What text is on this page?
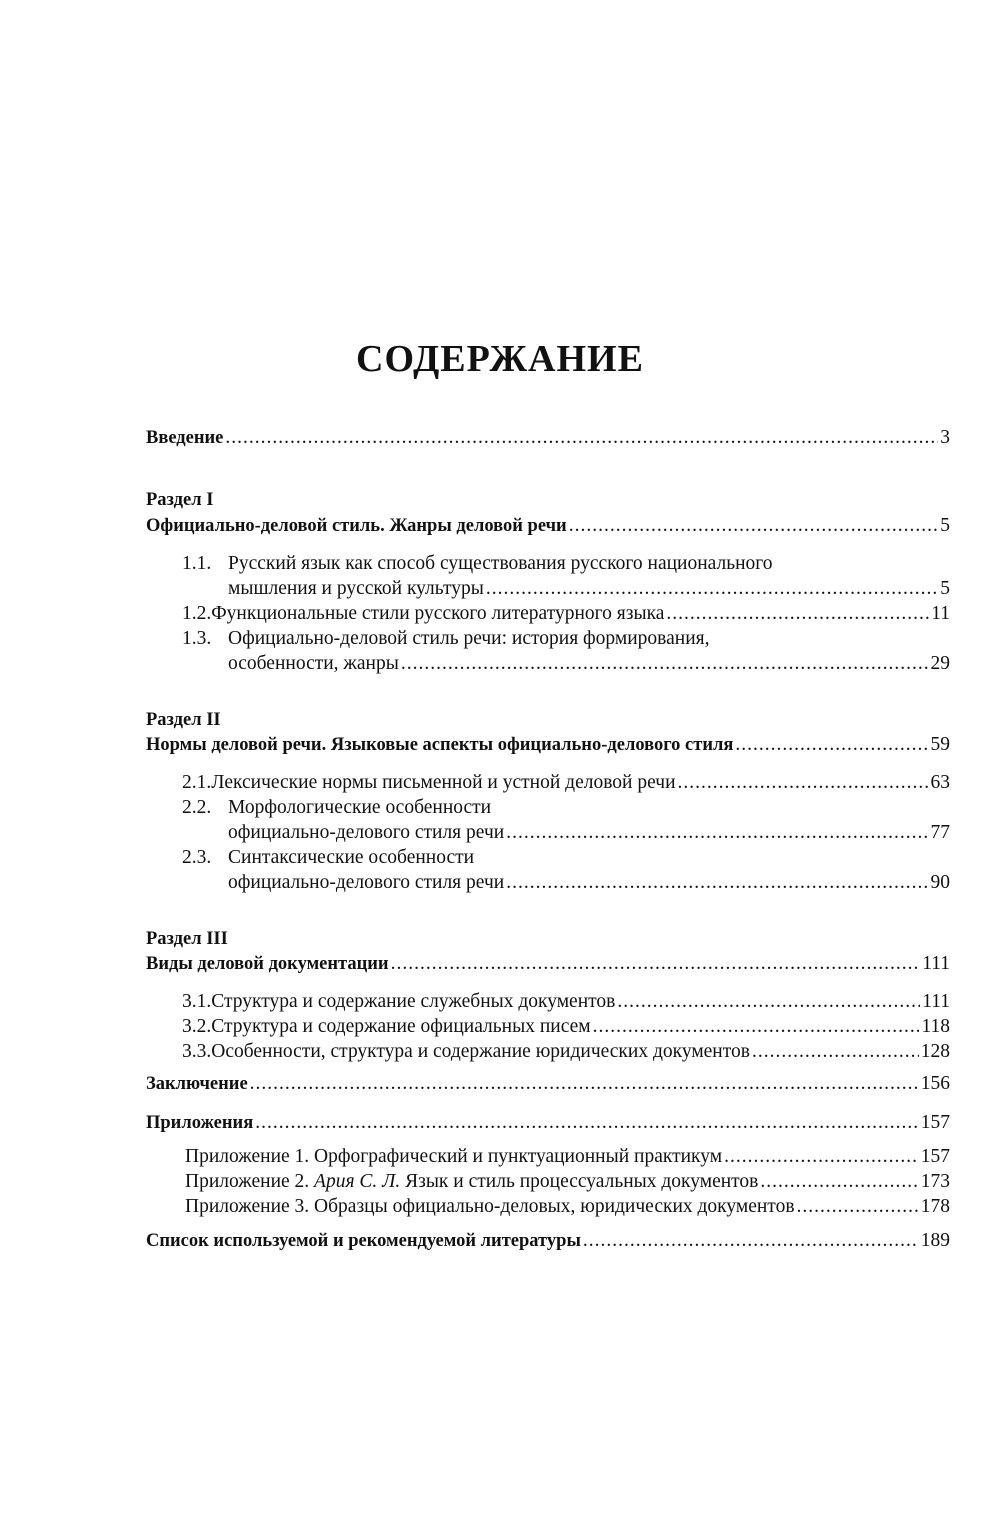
СОДЕРЖАНИЕ
Введение .....	3
Раздел I
Официально-деловой стиль. Жанры деловой речи .....	5
1.1. Русский язык как способ существования русского национального
мышления и русской культуры .....	5
1.2. Функциональные стили русского литературного языка .....	11
1.3. Официально-деловой стиль речи: история формирования,
особенности, жанры .....	29
Раздел II
Нормы деловой речи. Языковые аспекты официально-делового стиля .....	59
2.1. Лексические нормы письменной и устной деловой речи .....	63
2.2. Морфологические особенности
официально-делового стиля речи .....	77
2.3. Синтаксические особенности
официально-делового стиля речи .....	90
Раздел III
Виды деловой документации .....	111
3.1. Структура и содержание служебных документов .....	111
3.2. Структура и содержание официальных писем .....	118
3.3. Особенности, структура и содержание юридических документов .....	128
Заключение .....	156
Приложения .....	157
Приложение 1.
Орфографический и пунктуационный практикум .....	157
Приложение 2.
Ария С. Л.
Язык и стиль процессуальных документов .....	173
Приложение 3.
Образцы официально-деловых, юридических документов .....	178
Список используемой и рекомендуемой литературы .....	189
